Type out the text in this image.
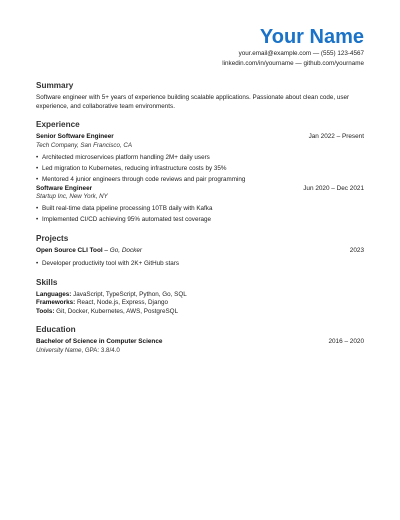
Your Name
your.email@example.com — (555) 123-4567
linkedin.com/in/yourname — github.com/yourname
Summary
Software engineer with 5+ years of experience building scalable applications. Passionate about clean code, user experience, and collaborative team environments.
Experience
Senior Software Engineer	Jan 2022 – Present
Tech Company, San Francisco, CA
• Architected microservices platform handling 2M+ daily users
• Led migration to Kubernetes, reducing infrastructure costs by 35%
• Mentored 4 junior engineers through code reviews and pair programming
Software Engineer	Jun 2020 – Dec 2021
Startup Inc, New York, NY
• Built real-time data pipeline processing 10TB daily with Kafka
• Implemented CI/CD achieving 95% automated test coverage
Projects
Open Source CLI Tool – Go, Docker	2023
• Developer productivity tool with 2K+ GitHub stars
Skills
Languages: JavaScript, TypeScript, Python, Go, SQL
Frameworks: React, Node.js, Express, Django
Tools: Git, Docker, Kubernetes, AWS, PostgreSQL
Education
Bachelor of Science in Computer Science	2016 – 2020
University Name, GPA: 3.8/4.0
